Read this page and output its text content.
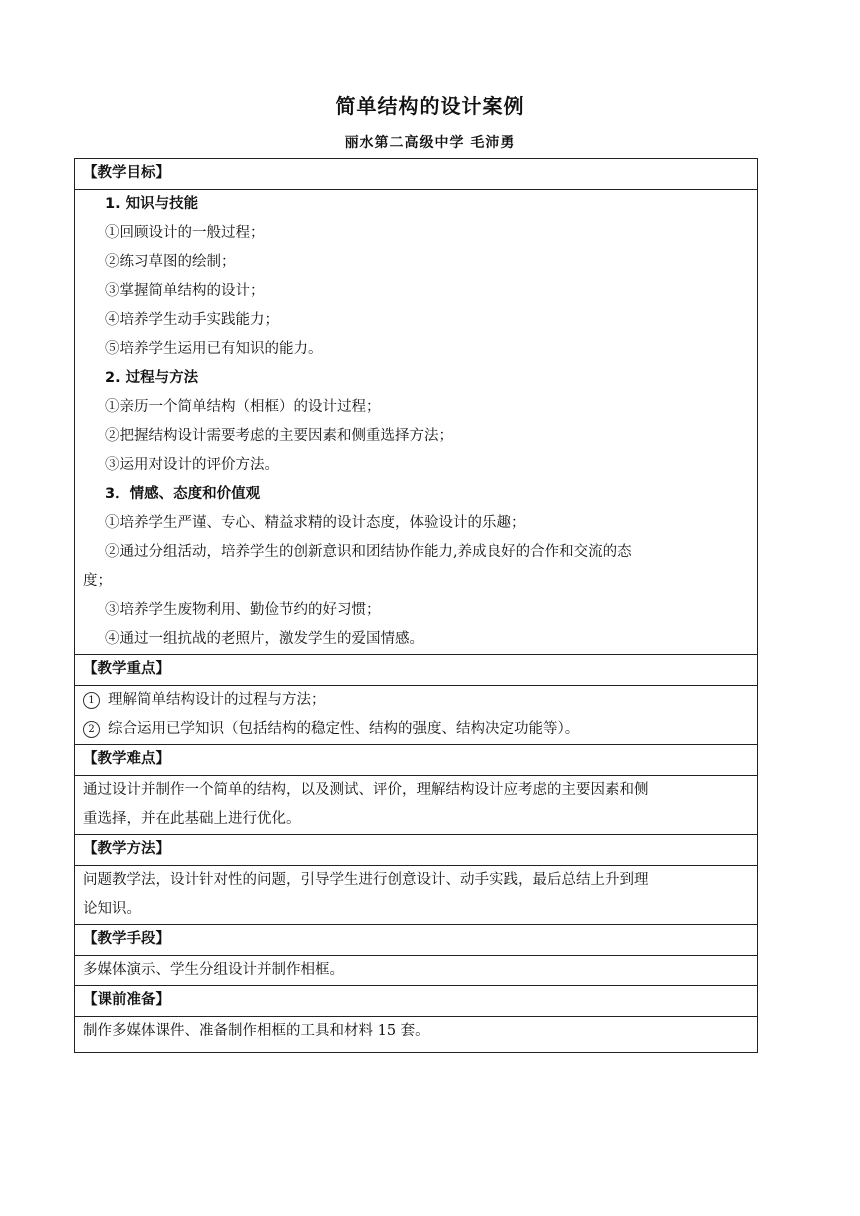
简单结构的设计案例
丽水第二高级中学 毛沛勇
【教学目标】

1. 知识与技能
①回顾设计的一般过程；
②练习草图的绘制；
③掌握简单结构的设计；
④培养学生动手实践能力；
⑤培养学生运用已有知识的能力。
2. 过程与方法
①亲历一个简单结构（相框）的设计过程；
②把握结构设计需要考虑的主要因素和侧重选择方法；
③运用对设计的评价方法。
3．情感、态度和价值观
①培养学生严谨、专心、精益求精的设计态度，体验设计的乐趣；
②通过分组活动，培养学生的创新意识和团结协作能力,养成良好的合作和交流的态
度；
③培养学生废物利用、勤俭节约的好习惯；
④通过一组抗战的老照片，激发学生的爱国情感。

【教学重点】

1 理解简单结构设计的过程与方法；
2 综合运用已学知识（包括结构的稳定性、结构的强度、结构决定功能等）。

【教学难点】

通过设计并制作一个简单的结构，以及测试、评价，理解结构设计应考虑的主要因素和侧
重选择，并在此基础上进行优化。

【教学方法】

问题教学法，设计针对性的问题，引导学生进行创意设计、动手实践，最后总结上升到理
论知识。

【教学手段】
多媒体演示、学生分组设计并制作相框。
【课前准备】
制作多媒体课件、准备制作相框的工具和材料 15 套。
